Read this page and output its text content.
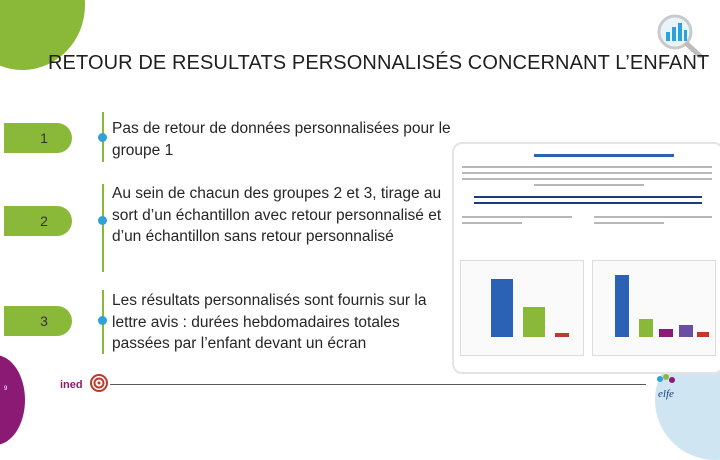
RETOUR DE RESULTATS PERSONNALISÉS CONCERNANT L’ENFANT
1
Pas de retour de données personnalisées pour le groupe 1
2
Au sein de chacun des groupes 2 et 3, tirage au sort d’un échantillon avec retour personnalisé et d’un échantillon sans retour personnalisé
3
Les résultats personnalisés sont fournis sur la lettre avis : durées hebdomadaires totales passées par l’enfant devant un écran
9	ined
elfe
